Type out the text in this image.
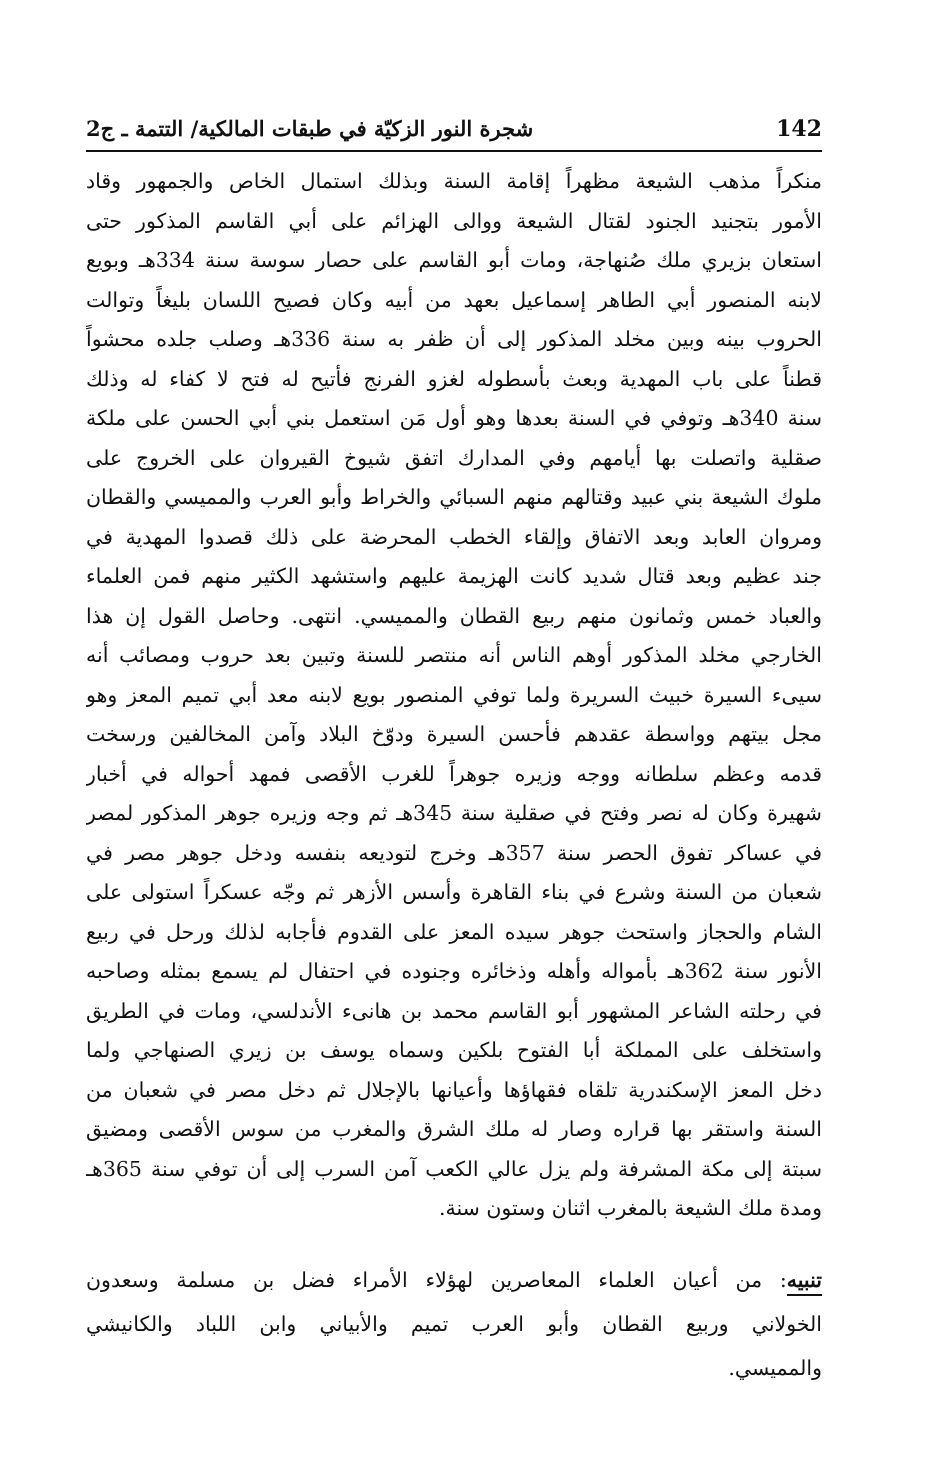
142
شجرة النور الزكيّة في طبقات المالكية/ التتمة ـ ج2
منكراً مذهب الشيعة مظهراً إقامة السنة وبذلك استمال الخاص والجمهور وقاد
الأمور بتجنيد الجنود لقتال الشيعة ووالى الهزائم على أبي القاسم المذكور حتى
استعان بزيري ملك صُنهاجة، ومات أبو القاسم على حصار سوسة سنة 334هـ وبويع
لابنه المنصور أبي الطاهر إسماعيل بعهد من أبيه وكان فصيح اللسان بليغاً وتوالت
الحروب بينه وبين مخلد المذكور إلى أن ظفر به سنة 336هـ وصلب جلده محشواً
قطناً على باب المهدية وبعث بأسطوله لغزو الفرنج فأتيح له فتح لا كفاء له وذلك
سنة 340هـ وتوفي في السنة بعدها وهو أول مَن استعمل بني أبي الحسن على ملكة
صقلية واتصلت بها أيامهم وفي المدارك اتفق شيوخ القيروان على الخروج على
ملوك الشيعة بني عبيد وقتالهم منهم السبائي والخراط وأبو العرب والمميسي والقطان
ومروان العابد وبعد الاتفاق وإلقاء الخطب المحرضة على ذلك قصدوا المهدية في
جند عظيم وبعد قتال شديد كانت الهزيمة عليهم واستشهد الكثير منهم فمن العلماء
والعباد خمس وثمانون منهم ربيع القطان والمميسي. انتهى. وحاصل القول إن هذا
الخارجي مخلد المذكور أوهم الناس أنه منتصر للسنة وتبين بعد حروب ومصائب أنه
سيىء السيرة خبيث السريرة ولما توفي المنصور بويع لابنه معد أبي تميم المعز وهو
مجل بيتهم وواسطة عقدهم فأحسن السيرة ودوّخ البلاد وآمن المخالفين ورسخت
قدمه وعظم سلطانه ووجه وزيره جوهراً للغرب الأقصى فمهد أحواله في أخبار
شهيرة وكان له نصر وفتح في صقلية سنة 345هـ ثم وجه وزيره جوهر المذكور لمصر
في عساكر تفوق الحصر سنة 357هـ وخرج لتوديعه بنفسه ودخل جوهر مصر في
شعبان من السنة وشرع في بناء القاهرة وأسس الأزهر ثم وجّه عسكراً استولى على
الشام والحجاز واستحث جوهر سيده المعز على القدوم فأجابه لذلك ورحل في ربيع
الأنور سنة 362هـ بأمواله وأهله وذخائره وجنوده في احتفال لم يسمع بمثله وصاحبه
في رحلته الشاعر المشهور أبو القاسم محمد بن هانىء الأندلسي، ومات في الطريق
واستخلف على المملكة أبا الفتوح بلكين وسماه يوسف بن زيري الصنهاجي ولما
دخل المعز الإسكندرية تلقاه فقهاؤها وأعيانها بالإجلال ثم دخل مصر في شعبان من
السنة واستقر بها قراره وصار له ملك الشرق والمغرب من سوس الأقصى ومضيق
سبتة إلى مكة المشرفة ولم يزل عالي الكعب آمن السرب إلى أن توفي سنة 365هـ
ومدة ملك الشيعة بالمغرب اثنان وستون سنة.
تنبيه: من أعيان العلماء المعاصرين لهؤلاء الأمراء فضل بن مسلمة وسعدون
الخولاني وربيع القطان وأبو العرب تميم والأبياني وابن اللباد والكانيشي
والمميسي.
